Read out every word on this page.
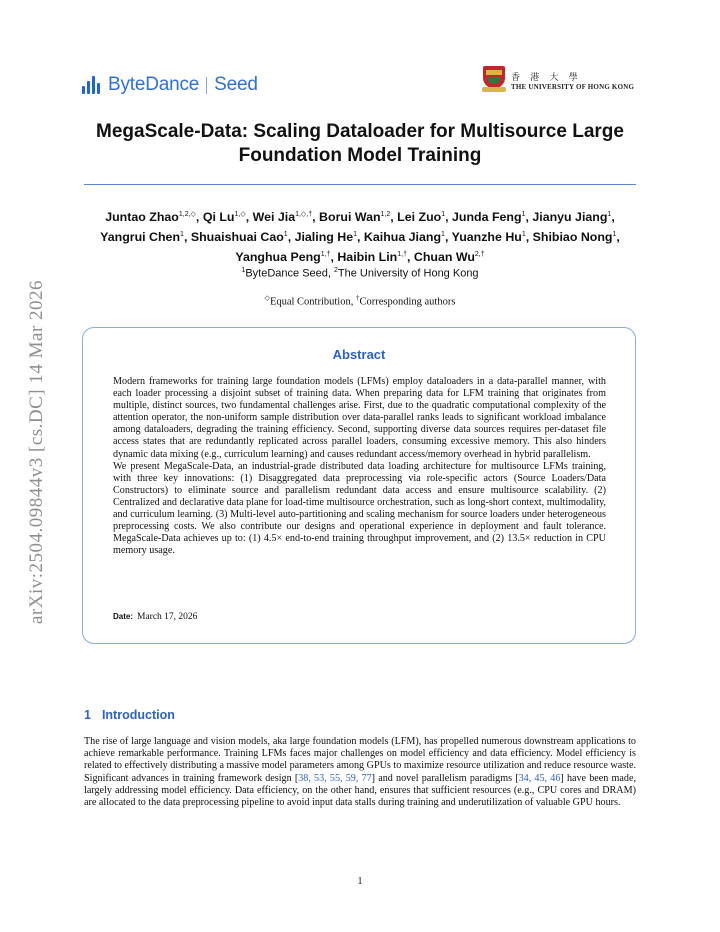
arXiv:2504.09844v3 [cs.DC] 14 Mar 2026
ByteDance Seed	香 港 大 學
THE UNIVERSITY OF HONG KONG
MegaScale-Data: Scaling Dataloader for Multisource Large Foundation Model Training

Juntao Zhao$^{1,2,◇}$, Qi $Lu^{1,◇}$, Wei Jia$^{1,◇,\dagger}$, Borui Wan$^{1,2}$, Lei Zuo$^1$, Junda Feng$^1$, Jianyu Jiang$^1$, Yangrui Chen$^1$, Shuaishuai Cao$^1$, Jialing He$^1$, Kaihua Jiang$^1$, Yuanzhe Hu$^1$, Shibiao Nong$^1$, Yanghua Peng$^{1,\dagger}$, Haibin Lin$^{1,\dagger}$, Chuan $Wu^{2,\dagger}$

$^1$ByteDance Seed, $^2$The University of Hong Kong
◇Equal Contribution, †Corresponding authors
Abstract

Modern frameworks for training large foundation models (LFMs) employ dataloaders in a data-parallel manner, with each loader processing a disjoint subset of training data. When preparing data for LFM training that originates from multiple, distinct sources, two fundamental challenges arise. First, due to the quadratic computational complexity of the attention operator, the non-uniform sample distribution over data-parallel ranks leads to significant workload imbalance among dataloaders, degrading the training efficiency. Second, supporting diverse data sources requires per-dataset file access states that are redundantly replicated across parallel loaders, consuming excessive memory. This also hinders dynamic data mixing (e.g., curriculum learning) and causes redundant access/memory overhead in hybrid parallelism.

We present MegaScale-Data, an industrial-grade distributed data loading architecture for multisource LFMs training, with three key innovations: (1) Disaggregated data preprocessing via role-specific actors (Source Loaders/Data Constructors) to eliminate source and parallelism redundant data access and ensure multisource scalability. (2) Centralized and declarative data plane for load-time multisource orchestration, such as long-short context, multimodality, and curriculum learning. (3) Multi-level auto-partitioning and scaling mechanism for source loaders under heterogeneous preprocessing costs. We also contribute our designs and operational experience in deployment and fault tolerance. MegaScale-Data achieves up to: (1) 4.5× end-to-end training throughput improvement, and (2) 13.5× reduction in CPU memory usage.

Date: March 17, 2026
1 Introduction

The rise of large language and vision models, aka large foundation models (LFM), has propelled numerous downstream applications to achieve remarkable performance. Training LFMs faces major challenges on model efficiency and data efficiency. Model efficiency is related to effectively distributing a massive model parameters among GPUs to maximize resource utilization and reduce resource waste. Significant advances in training framework design [38, 53, 55, 59, 77] and novel parallelism paradigms [34, 45, 46] have been made, largely addressing model efficiency. Data efficiency, on the other hand, ensures that sufficient resources (e.g., CPU cores and DRAM) are allocated to the data preprocessing pipeline to avoid input data stalls during training and underutilization of valuable GPU hours.

1
